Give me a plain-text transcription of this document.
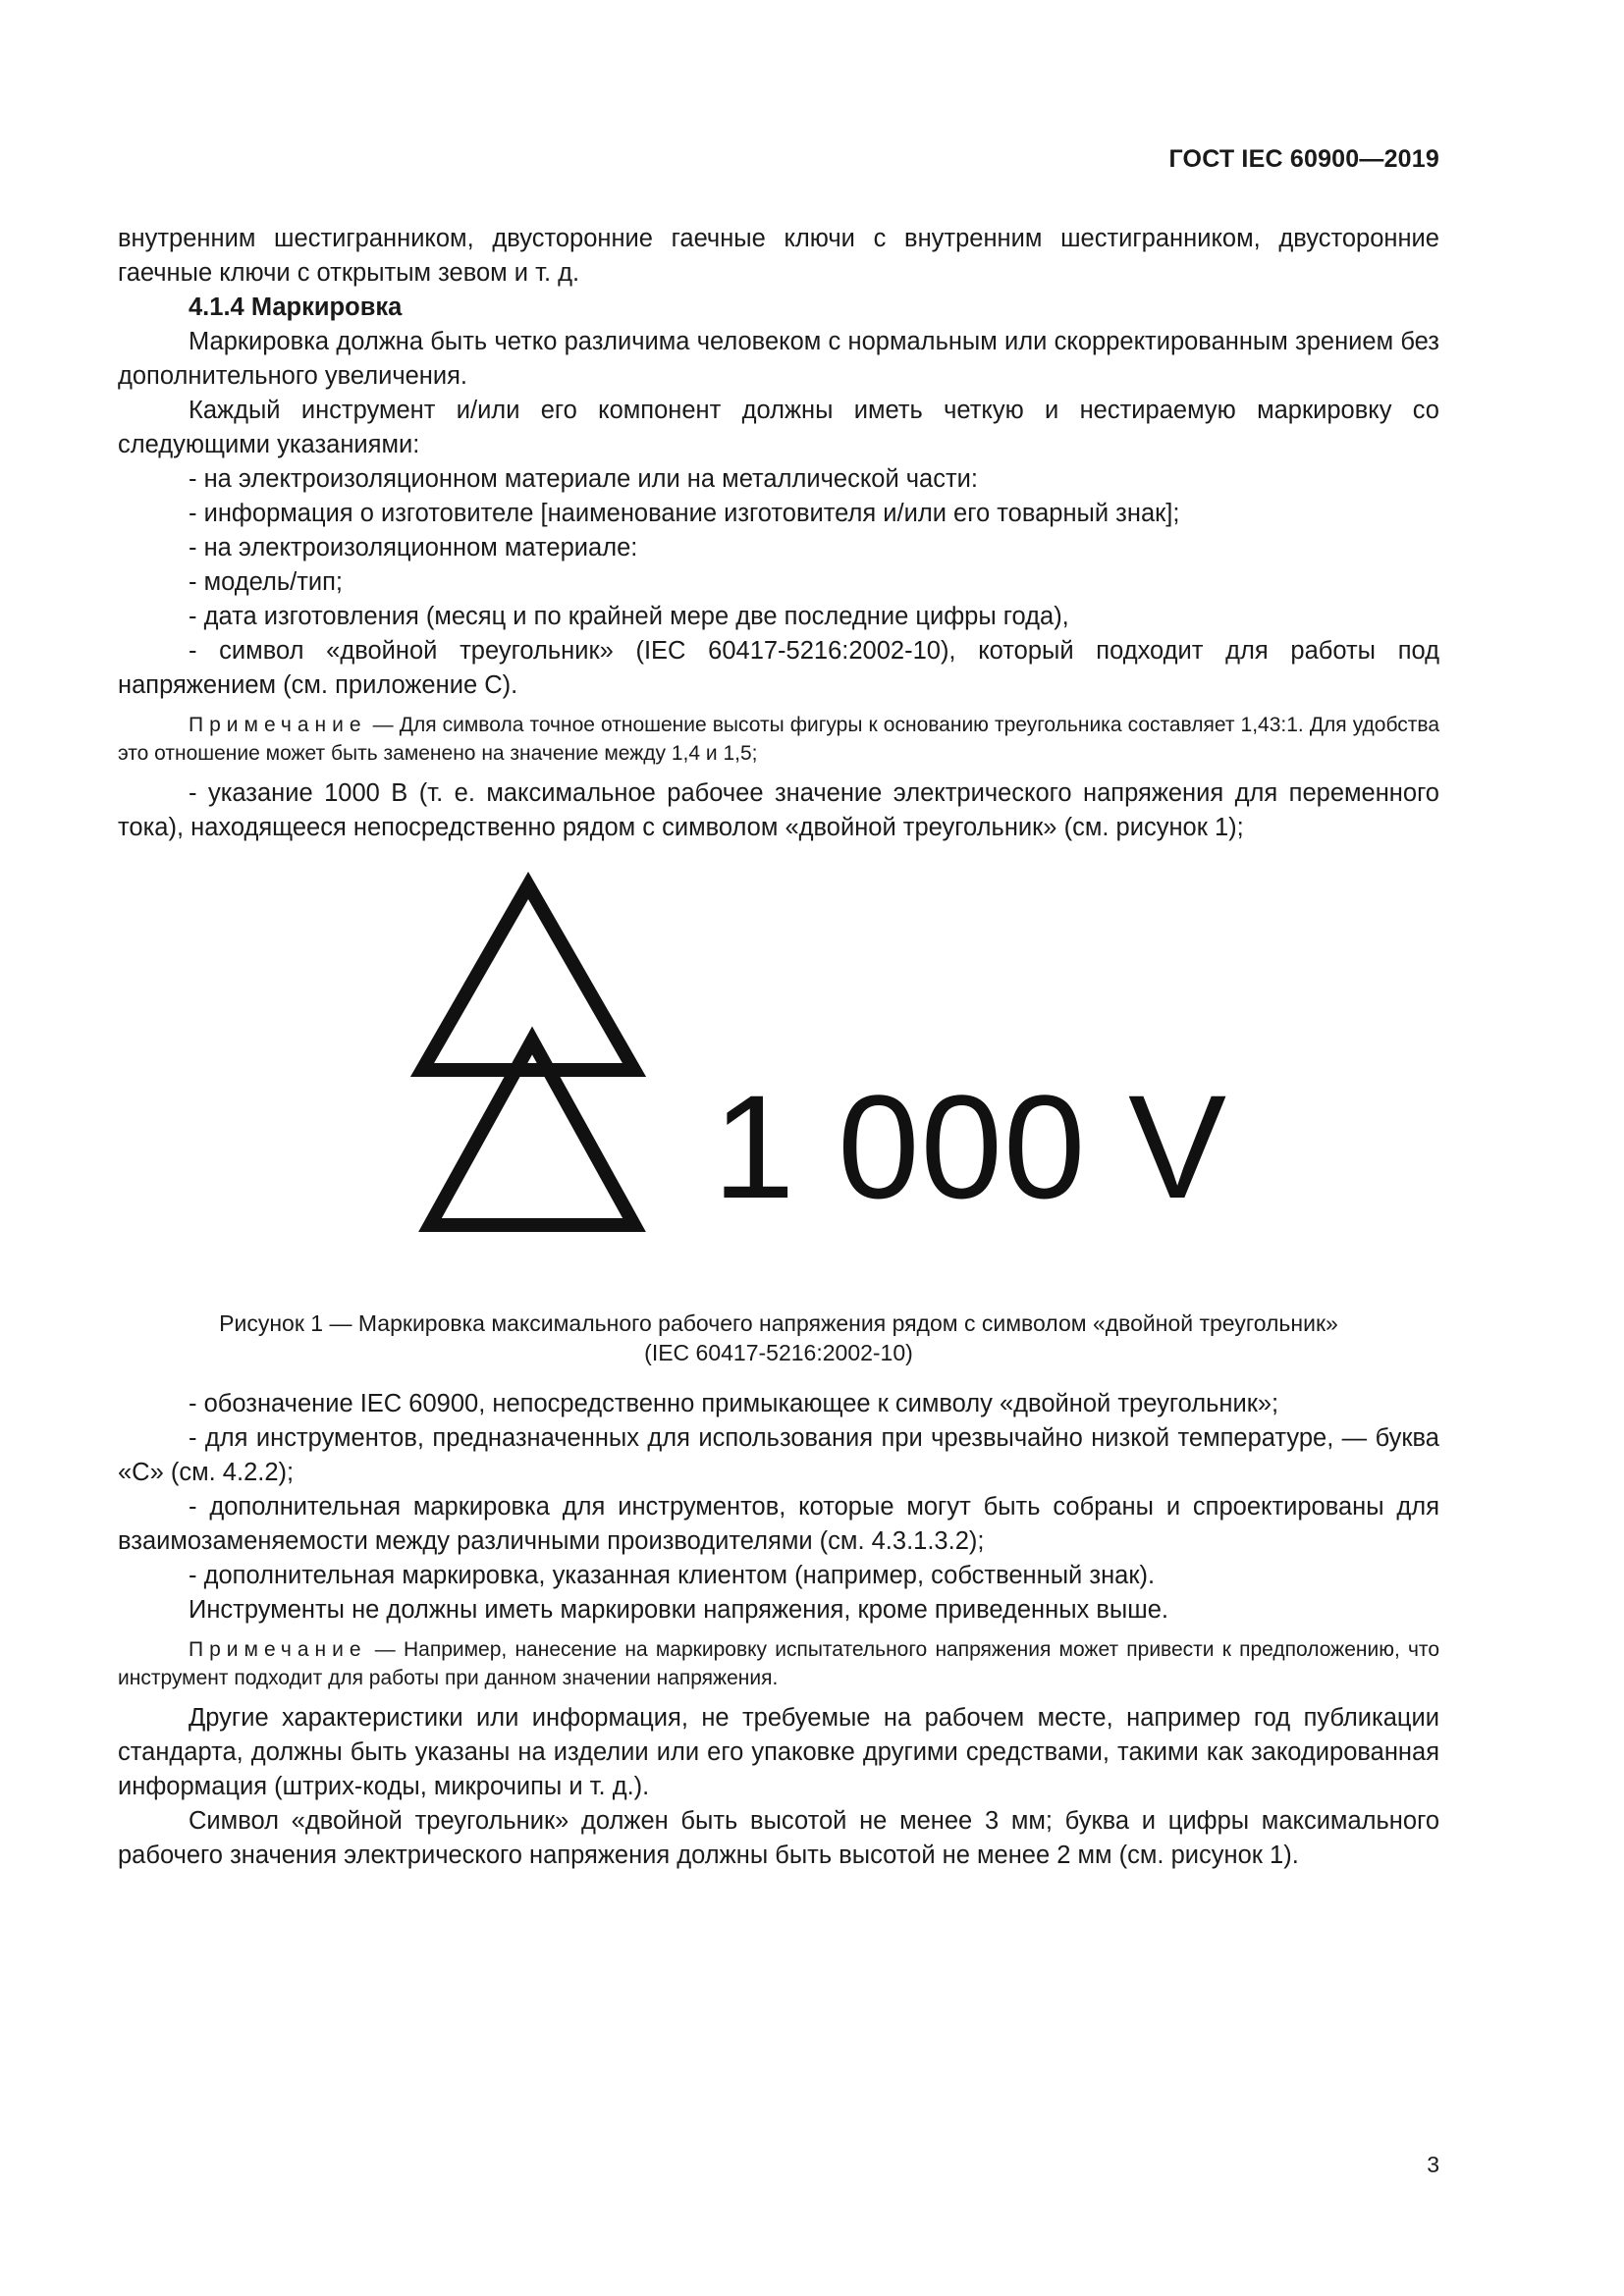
ГОСТ IEC 60900—2019

внутренним шестигранником, двусторонние гаечные ключи с внутренним шестигранником, двусторонние гаечные ключи с открытым зевом и т. д.

4.1.4 Маркировка

Маркировка должна быть четко различима человеком с нормальным или скорректированным зрением без дополнительного увеличения.

Каждый инструмент и/или его компонент должны иметь четкую и нестираемую маркировку со следующими указаниями:

- на электроизоляционном материале или на металлической части:

- информация о изготовителе [наименование изготовителя и/или его товарный знак];

- на электроизоляционном материале:

- модель/тип;

- дата изготовления (месяц и по крайней мере две последние цифры года),

- символ «двойной треугольник» (IEC 60417-5216:2002-10), который подходит для работы под напряжением (см. приложение С).

Примечание — Для символа точное отношение высоты фигуры к основанию треугольника составляет 1,43:1. Для удобства это отношение может быть заменено на значение между 1,4 и 1,5;

- указание 1000 В (т. е. максимальное рабочее значение электрического напряжения для переменного тока), находящееся непосредственно рядом с символом «двойной треугольник» (см. рисунок 1);

1 000 V

Рисунок 1 — Маркировка максимального рабочего напряжения рядом с символом «двойной треугольник»
(IEC 60417-5216:2002-10)

- обозначение IEC 60900, непосредственно примыкающее к символу «двойной треугольник»;

- для инструментов, предназначенных для использования при чрезвычайно низкой температуре, — буква «С» (см. 4.2.2);

- дополнительная маркировка для инструментов, которые могут быть собраны и спроектированы для взаимозаменяемости между различными производителями (см. 4.3.1.3.2);

- дополнительная маркировка, указанная клиентом (например, собственный знак).

Инструменты не должны иметь маркировки напряжения, кроме приведенных выше.

Примечание — Например, нанесение на маркировку испытательного напряжения может привести к предположению, что инструмент подходит для работы при данном значении напряжения.

Другие характеристики или информация, не требуемые на рабочем месте, например год публикации стандарта, должны быть указаны на изделии или его упаковке другими средствами, такими как закодированная информация (штрих-коды, микрочипы и т. д.).

Символ «двойной треугольник» должен быть высотой не менее 3 мм; буква и цифры максимального рабочего значения электрического напряжения должны быть высотой не менее 2 мм (см. рисунок 1).

3
